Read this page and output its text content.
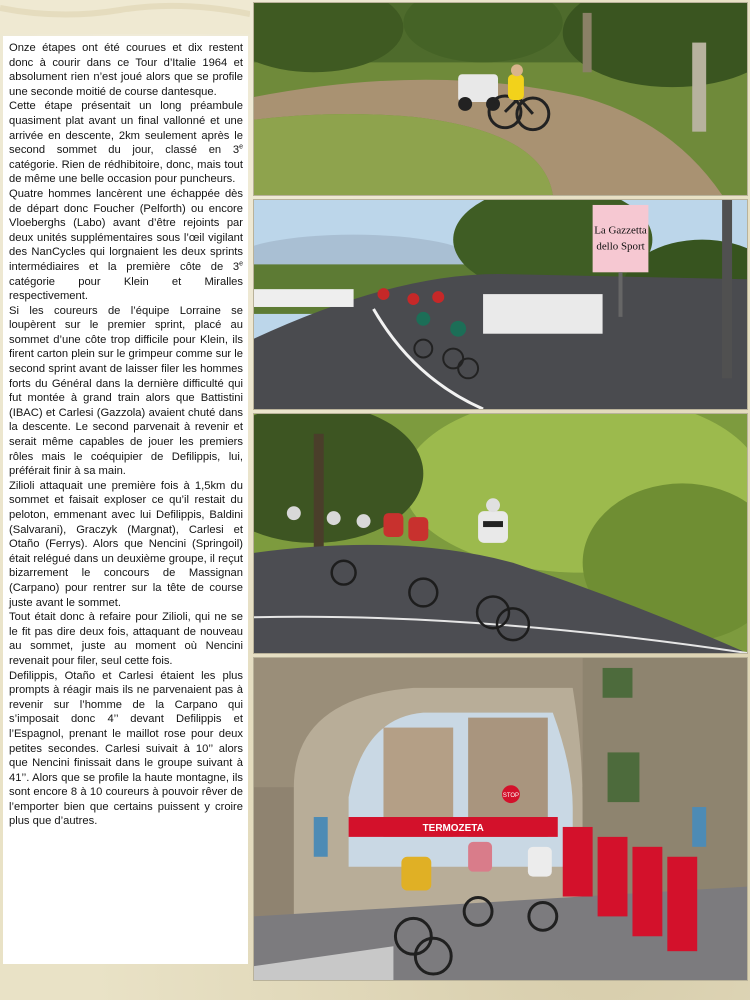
Onze étapes ont été courues et dix restent donc à courir dans ce Tour d’Italie 1964 et absolument rien n’est joué alors que se profile une seconde moitié de course dantesque.

Cette étape présentait un long préambule quasiment plat avant un final vallonné et une arrivée en descente, 2km seulement après le second sommet du jour, classé en 3e catégorie. Rien de rédhibitoire, donc, mais tout de même une belle occasion pour puncheurs.

Quatre hommes lancèrent une échappée dès de départ donc Foucher (Pelforth) ou encore Vloeberghs (Labo) avant d’être rejoints par deux unités supplémentaires sous l’œil vigilant des NanCycles qui lorgnaient les deux sprints intermédiaires et la première côte de 3e catégorie pour Klein et Miralles respectivement.

Si les coureurs de l’équipe Lorraine se loupèrent sur le premier sprint, placé au sommet d’une côte trop difficile pour Klein, ils firent carton plein sur le grimpeur comme sur le second sprint avant de laisser filer les hommes forts du Général dans la dernière difficulté qui fut montée à grand train alors que Battistini (IBAC) et Carlesi (Gazzola) avaient chuté dans la descente. Le second parvenait à revenir et serait même capables de jouer les premiers rôles mais le coéquipier de Defilippis, lui, préférait finir à sa main.

Zilioli attaquait une première fois à 1,5km du sommet et faisait exploser ce qu’il restait du peloton, emmenant avec lui Defilippis, Baldini (Salvarani), Graczyk (Margnat), Carlesi et Otaño (Ferrys). Alors que Nencini (Springoil) était relégué dans un deuxième groupe, il reçut bizarrement le concours de Massignan (Carpano) pour rentrer sur la tête de course juste avant le sommet.

Tout était donc à refaire pour Zilioli, qui ne se le fit pas dire deux fois, attaquant de nouveau au sommet, juste au moment où Nencini revenait pour filer, seul cette fois.

Defilippis, Otaño et Carlesi étaient les plus prompts à réagir mais ils ne parvenaient pas à revenir sur l’homme de la Carpano qui s’imposait donc 4’’ devant Defilippis et l’Espagnol, prenant le maillot rose pour deux petites secondes. Carlesi suivait à 10’’ alors que Nencini finissait dans le groupe suivant à 41’’. Alors que se profile la haute montagne, ils sont encore 8 à 10 coureurs à pouvoir rêver de l’emporter bien que certains puissent y croire plus que d’autres.

La Gazzetta
dello Sport
TERMOZETA
STOP
